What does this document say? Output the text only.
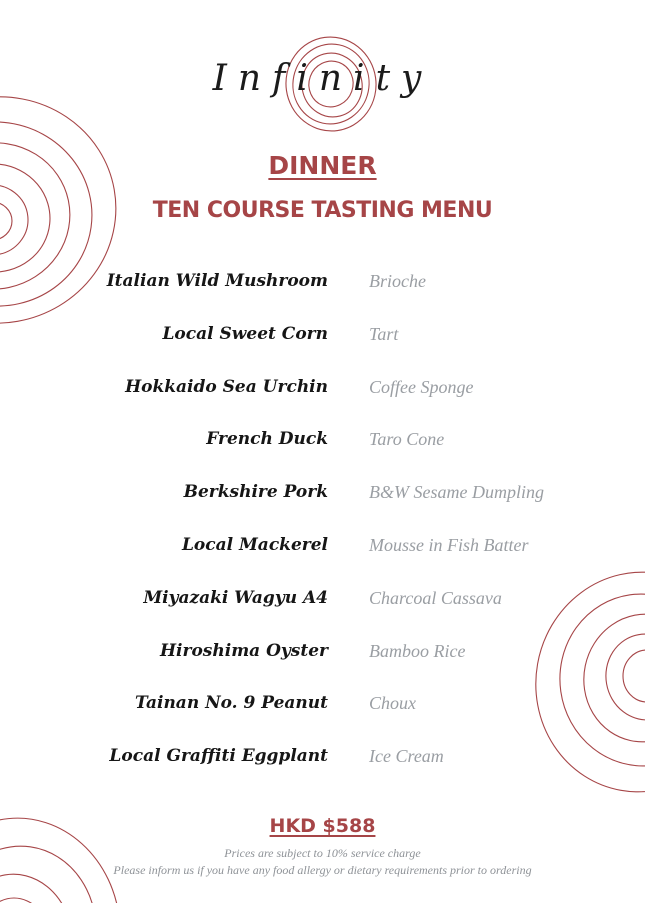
Infinity
DINNER
TEN COURSE TASTING MENU
Italian Wild Mushroom Brioche
Local Sweet Corn Tart
Hokkaido Sea Urchin Coffee Sponge
French Duck Taro Cone
Berkshire Pork B&W Sesame Dumpling
Local Mackerel Mousse in Fish Batter
Miyazaki Wagyu A4 Charcoal Cassava
Hiroshima Oyster Bamboo Rice
Tainan No. 9 Peanut Choux
Local Graffiti Eggplant Ice Cream
HKD $588
Prices are subject to 10% service charge
Please inform us if you have any food allergy or dietary requirements prior to ordering
